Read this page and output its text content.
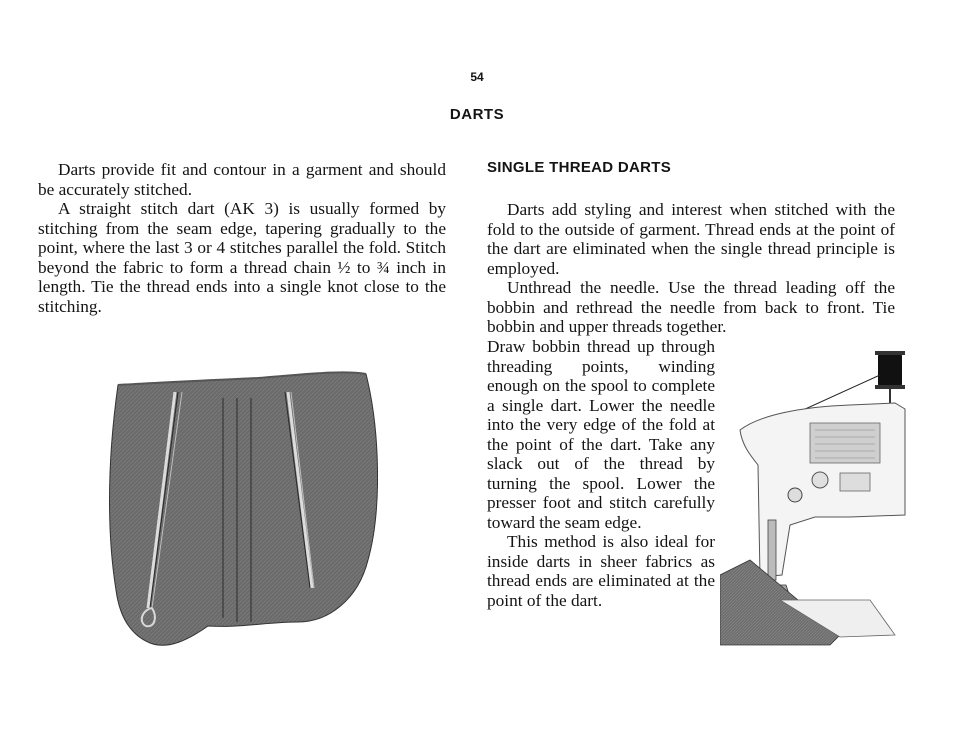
54
DARTS

Darts provide fit and contour in a garment and should be accurately stitched.

A straight stitch dart (AK 3) is usually formed by stitching from the seam edge, tapering gradually to the point, where the last 3 or 4 stitches parallel the fold. Stitch beyond the fabric to form a thread chain ½ to ¾ inch in length. Tie the thread ends into a single knot close to the stitching.

SINGLE THREAD DARTS

Darts add styling and interest when stitched with the fold to the outside of garment. Thread ends at the point of the dart are eliminated when the single thread principle is employed.

Unthread the needle. Use the thread leading off the bobbin and rethread the needle from back to front. Tie bobbin and upper threads together.

Draw bobbin thread up through threading points, winding enough on the spool to complete a single dart. Lower the needle into the very edge of the fold at the point of the dart. Take any slack out of the thread by turning the spool. Lower the presser foot and stitch carefully toward the seam edge.

This method is also ideal for inside darts in sheer fabrics as thread ends are eliminated at the point of the dart.
